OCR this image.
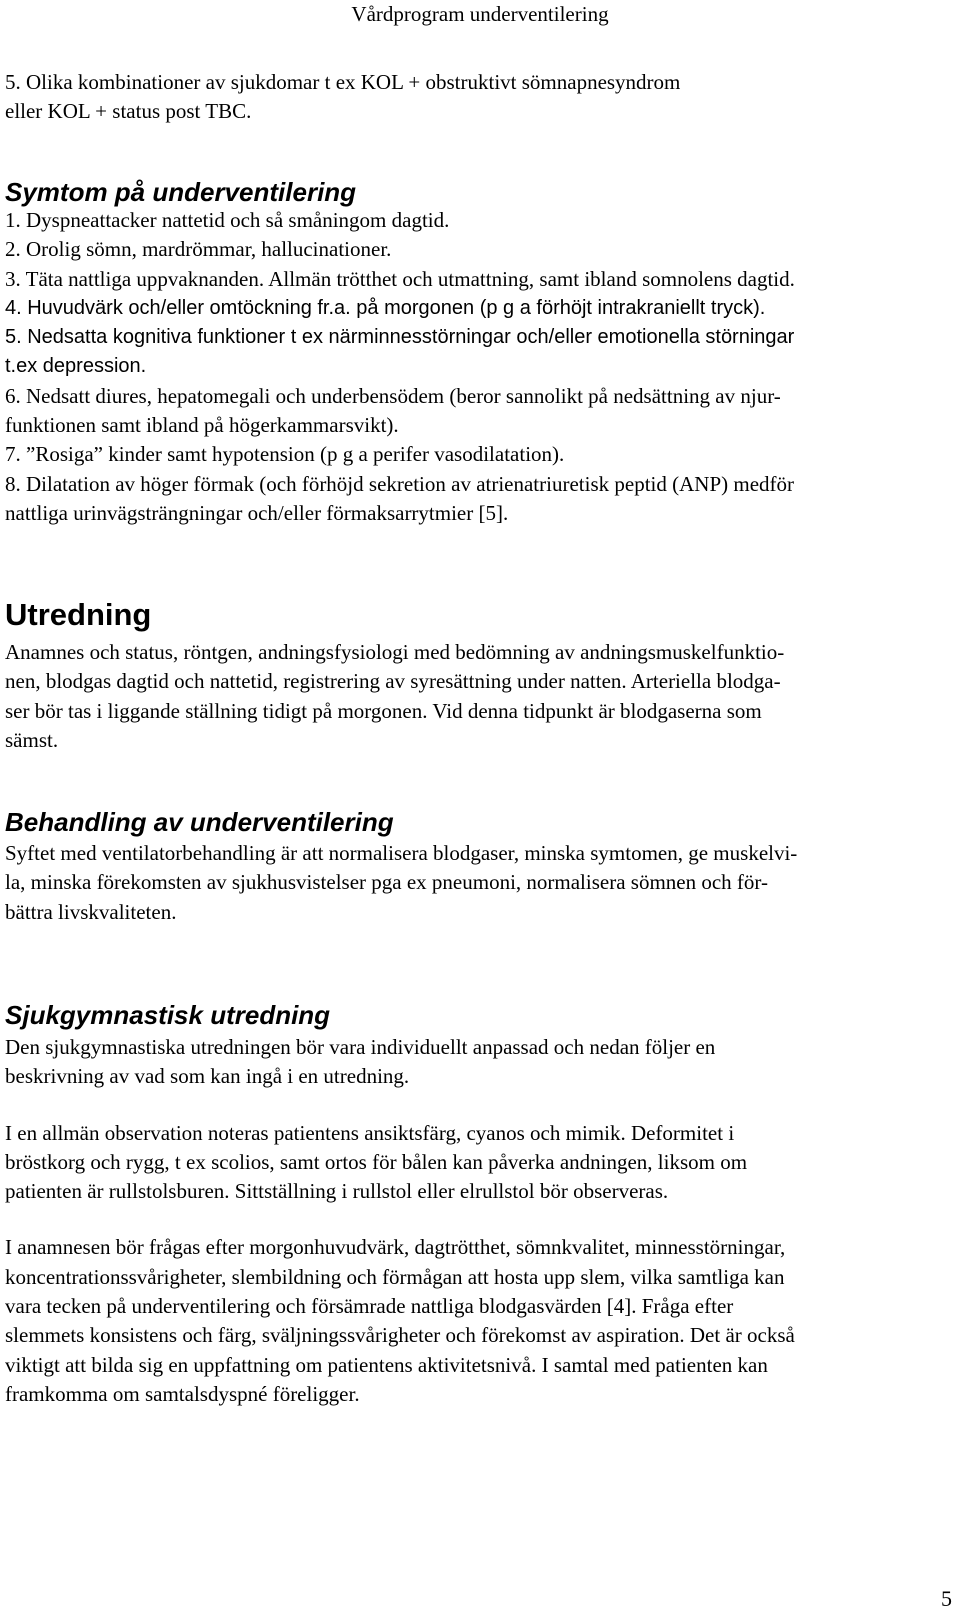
Vårdprogram underventilering
5. Olika kombinationer av sjukdomar t ex KOL + obstruktivt sömnapnesyndrom
eller KOL + status post TBC.
Symtom på underventilering
1. Dyspneattacker nattetid och så småningom dagtid.
2. Orolig sömn, mardrömmar, hallucinationer.
3. Täta nattliga uppvaknanden. Allmän trötthet och utmattning, samt ibland somnolens dagtid.
4. Huvudvärk och/eller omtöckning fr.a. på morgonen (p g a förhöjt intrakraniellt tryck).
5. Nedsatta kognitiva funktioner t ex närminnesstörningar och/eller emotionella störningar
t.ex depression.
6. Nedsatt diures, hepatomegali och underbensödem (beror sannolikt på nedsättning av njur-
funktionen samt ibland på högerkammarsvikt).
7. ”Rosiga” kinder samt hypotension (p g a perifer vasodilatation).
8. Dilatation av höger förmak (och förhöjd sekretion av atrienatriuretisk peptid (ANP) medför
nattliga urinvägsträngningar och/eller förmaksarrytmier [5].
Utredning
Anamnes och status, röntgen, andningsfysiologi med bedömning av andningsmuskelfunktio-
nen, blodgas dagtid och nattetid, registrering av syresättning under natten. Arteriella blodga-
ser bör tas i liggande ställning tidigt på morgonen. Vid denna tidpunkt är blodgaserna som
sämst.
Behandling av underventilering
Syftet med ventilatorbehandling är att normalisera blodgaser, minska symtomen, ge muskelvi-
la, minska förekomsten av sjukhusvistelser pga ex pneumoni, normalisera sömnen och för-
bättra livskvaliteten.
Sjukgymnastisk utredning
Den sjukgymnastiska utredningen bör vara individuellt anpassad och nedan följer en
beskrivning av vad som kan ingå i en utredning.
I en allmän observation noteras patientens ansiktsfärg, cyanos och mimik. Deformitet i
bröstkorg och rygg, t ex scolios, samt ortos för bålen kan påverka andningen, liksom om
patienten är rullstolsburen. Sittställning i rullstol eller elrullstol bör observeras.
I anamnesen bör frågas efter morgonhuvudvärk, dagtrötthet, sömnkvalitet, minnesstörningar,
koncentrationssvårigheter, slembildning och förmågan att hosta upp slem, vilka samtliga kan
vara tecken på underventilering och försämrade nattliga blodgasvärden [4]. Fråga efter
slemmets konsistens och färg, sväljningssvårigheter och förekomst av aspiration. Det är också
viktigt att bilda sig en uppfattning om patientens aktivitetsnivå. I samtal med patienten kan
framkomma om samtalsdyspné föreligger.
5
